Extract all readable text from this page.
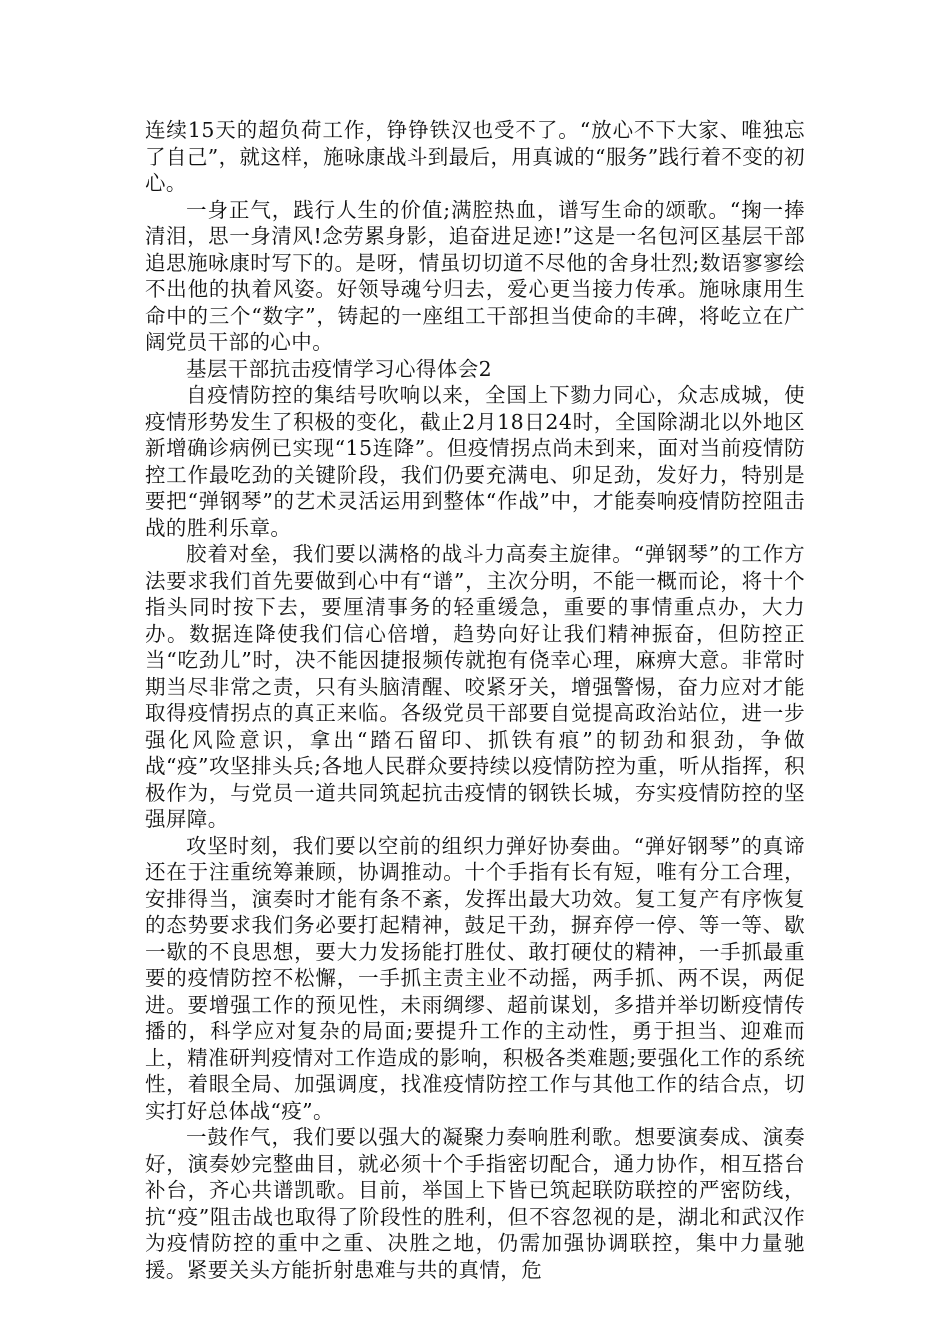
连续15天的超负荷工作，铮铮铁汉也受不了。“放心不下大家、唯独忘了自己”，就这样，施咏康战斗到最后，用真诚的“服务”践行着不变的初心。

一身正气，践行人生的价值;满腔热血，谱写生命的颂歌。“掬一捧清泪，思一身清风!念劳累身影，追奋进足迹!”这是一名包河区基层干部追思施咏康时写下的。是呀，情虽切切道不尽他的舍身壮烈;数语寥寥绘不出他的执着风姿。好领导魂兮归去，爱心更当接力传承。施咏康用生命中的三个“数字”，铸起的一座组工干部担当使命的丰碑，将屹立在广阔党员干部的心中。

基层干部抗击疫情学习心得体会2

自疫情防控的集结号吹响以来，全国上下勠力同心，众志成城，使疫情形势发生了积极的变化，截止2月18日24时，全国除湖北以外地区新增确诊病例已实现“15连降”。但疫情拐点尚未到来，面对当前疫情防控工作最吃劲的关键阶段，我们仍要充满电、卯足劲，发好力，特别是要把“弹钢琴”的艺术灵活运用到整体“作战”中，才能奏响疫情防控阻击战的胜利乐章。

胶着对垒，我们要以满格的战斗力高奏主旋律。“弹钢琴”的工作方法要求我们首先要做到心中有“谱”，主次分明，不能一概而论，将十个指头同时按下去，要厘清事务的轻重缓急，重要的事情重点办，大力办。数据连降使我们信心倍增，趋势向好让我们精神振奋，但防控正当“吃劲儿”时，决不能因捷报频传就抱有侥幸心理，麻痹大意。非常时期当尽非常之责，只有头脑清醒、咬紧牙关，增强警惕，奋力应对才能取得疫情拐点的真正来临。各级党员干部要自觉提高政治站位，进一步强化风险意识，拿出“踏石留印、抓铁有痕”的韧劲和狠劲，争做战“疫”攻坚排头兵;各地人民群众要持续以疫情防控为重，听从指挥，积极作为，与党员一道共同筑起抗击疫情的钢铁长城，夯实疫情防控的坚强屏障。

攻坚时刻，我们要以空前的组织力弹好协奏曲。“弹好钢琴”的真谛还在于注重统筹兼顾，协调推动。十个手指有长有短，唯有分工合理，安排得当，演奏时才能有条不紊，发挥出最大功效。复工复产有序恢复的态势要求我们务必要打起精神，鼓足干劲，摒弃停一停、等一等、歇一歇的不良思想，要大力发扬能打胜仗、敢打硬仗的精神，一手抓最重要的疫情防控不松懈，一手抓主责主业不动摇，两手抓、两不误，两促进。要增强工作的预见性，未雨绸缪、超前谋划，多措并举切断疫情传播的，科学应对复杂的局面;要提升工作的主动性，勇于担当、迎难而上，精准研判疫情对工作造成的影响，积极各类难题;要强化工作的系统性，着眼全局、加强调度，找准疫情防控工作与其他工作的结合点，切实打好总体战“疫”。

一鼓作气，我们要以强大的凝聚力奏响胜利歌。想要演奏成、演奏好，演奏妙完整曲目，就必须十个手指密切配合，通力协作，相互搭台补台，齐心共谱凯歌。目前，举国上下皆已筑起联防联控的严密防线，抗“疫”阻击战也取得了阶段性的胜利，但不容忽视的是，湖北和武汉作为疫情防控的重中之重、决胜之地，仍需加强协调联控，集中力量驰援。紧要关头方能折射患难与共的真情，危
